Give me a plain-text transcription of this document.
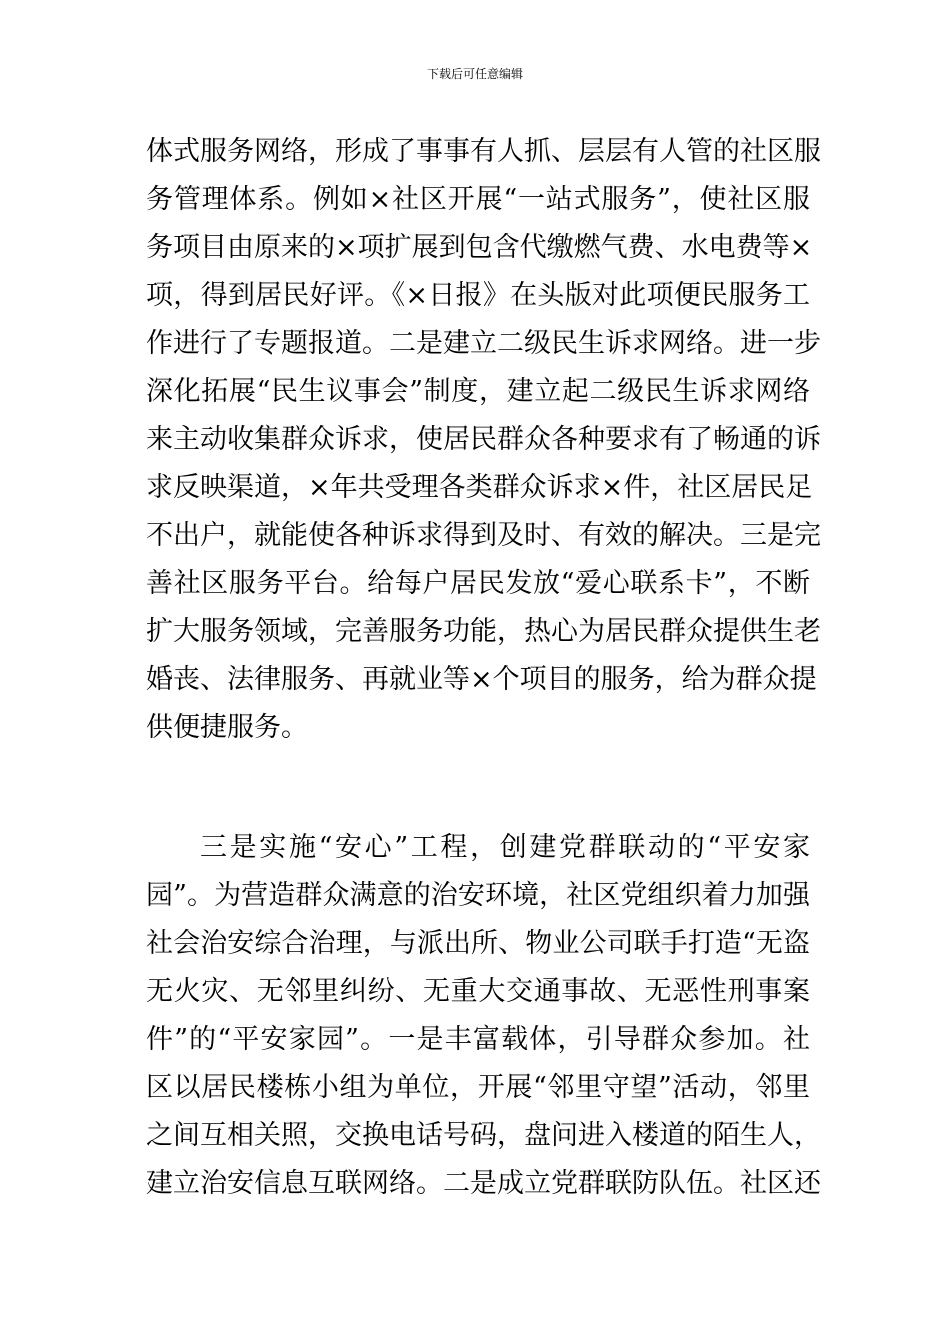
下载后可任意编辑
体式服务网络，形成了事事有人抓、层层有人管的社区服
务管理体系。例如×社区开展“一站式服务”，使社区服
务项目由原来的×项扩展到包含代缴燃气费、水电费等×
项，得到居民好评。《×日报》在头版对此项便民服务工
作进行了专题报道。二是建立二级民生诉求网络。进一步
深化拓展“民生议事会”制度，建立起二级民生诉求网络
来主动收集群众诉求，使居民群众各种要求有了畅通的诉
求反映渠道，×年共受理各类群众诉求×件，社区居民足
不出户，就能使各种诉求得到及时、有效的解决。三是完
善社区服务平台。给每户居民发放“爱心联系卡”，不断
扩大服务领域，完善服务功能，热心为居民群众提供生老
婚丧、法律服务、再就业等×个项目的服务，给为群众提
供便捷服务。
三是实施“安心”工程，创建党群联动的“平安家
园”。为营造群众满意的治安环境，社区党组织着力加强
社会治安综合治理，与派出所、物业公司联手打造“无盗
无火灾、无邻里纠纷、无重大交通事故、无恶性刑事案
件”的“平安家园”。一是丰富载体，引导群众参加。社
区以居民楼栋小组为单位，开展“邻里守望”活动，邻里
之间互相关照，交换电话号码，盘问进入楼道的陌生人，
建立治安信息互联网络。二是成立党群联防队伍。社区还
